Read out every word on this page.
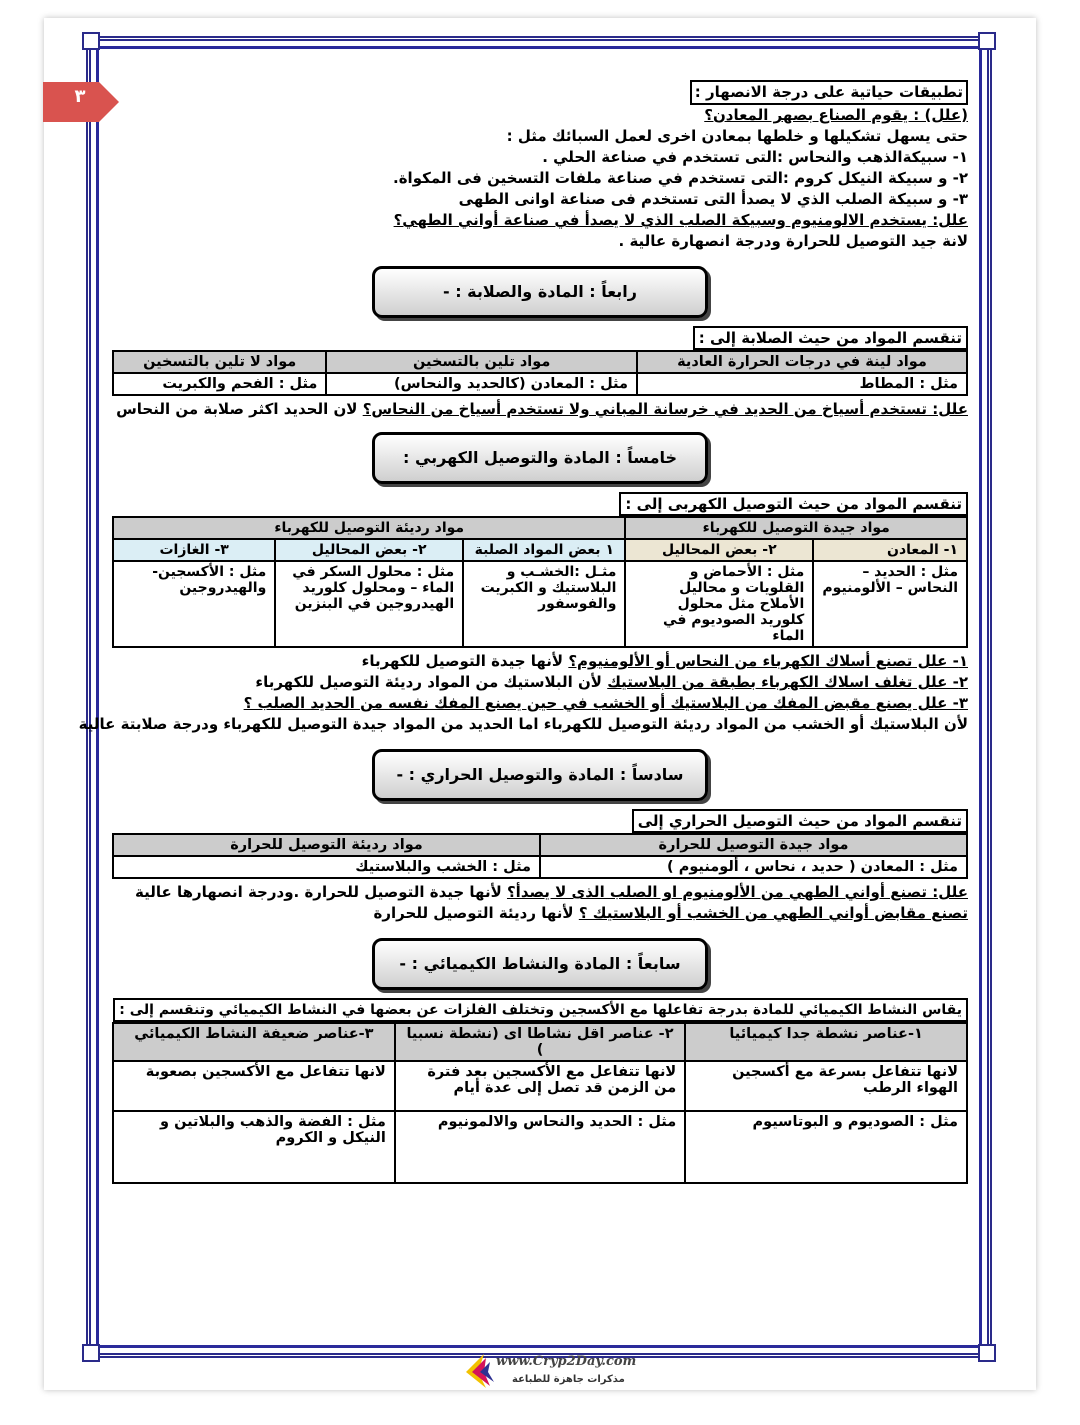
٣	تطبيقات حياتية على درجة الانصهار :
(علل) : يقوم الصناع بصهر المعادن؟
حتى يسهل تشكيلها و خلطها بمعادن اخرى لعمل السبائك مثل :
١- سبيكةالذهب والنحاس :التى تستخدم في صناعة الحلي .
٢- و سبيكة النيكل كروم :التى تستخدم في صناعة ملفات التسخين فى المكواة.
٣- و سبيكة الصلب الذي لا يصدأ التى تستخدم فى صناعة اوانى الطهى
علل: يستخدم الالومنيوم وسبيكة الصلب الذي لا يصدأ في صناعة أواني الطهي؟
لانة جيد التوصيل للحرارة ودرجة انصهارة عالية .
رابعاً : المادة والصلابة : -
تنقسم المواد من حيث الصلابة إلى :
مواد لينة في درجات الحرارة العادية	مواد تلين بالتسخين	مواد لا تلين بالتسخين
مثل : المطاط	مثل : المعادن (كالحديد والنحاس)	مثل : الفحم والكبريت
علل: تستخدم أسياخ من الحديد في خرسانة المباني ولا تستخدم أسياخ من النحاس؟ لان الحديد اكثر صلابة من النحاس
خامساً : المادة والتوصيل الكهربي :
تنقسم المواد من حيث التوصيل الكهربى إلى :
مواد جيدة التوصيل للكهرباء		مواد رديئة التوصيل للكهرباء		
١- المعادن	٢- بعض المحاليل	١ بعض المواد الصلبة	٢- بعض المحاليل	٣- الغازات
مثل : الحديد – النحاس – الألومنيوم	مثل : الأحماض و القلويات و محاليل الأملاح مثل محلول كلوريد الصوديوم في الماء	مثـل :الخشـب و البلاستيك و الكبريت والفوسفور	مثل : محلول السكر في الماء – ومحلول كلوريد الهيدروجين في البنزين	مثل : الأكسجين- والهيدروجين
١- علل تصنع أسلاك الكهرباء من النحاس أو الألومنيوم؟ لأنها جيدة التوصيل للكهرباء
٢- علل تغلف اسلاك الكهرباء بطبقة من البلاستيك لأن البلاستيك من المواد رديئة التوصيل للكهرباء
٣- علل يصنع مقبض المفك من البلاستيك أو الخشب في حين يصنع المفك نفسه من الحديد الصلب ؟
لأن البلاستيك أو الخشب من المواد رديئة التوصيل للكهرباء اما الحديد من المواد جيدة التوصيل للكهرباء ودرجة صلابتة عالية
سادساً : المادة والتوصيل الحراري : -
تنقسم المواد من حيث التوصيل الحراري إلى
مواد جيدة التوصيل للحرارة	مواد رديئة التوصيل للحرارة
مثل : المعادن ( حديد ، نحاس ، ألومنيوم )	مثل : الخشب والبلاستيك
علل: تصنع أواني الطهي من الألومنيوم او الصلب الذى لا يصدأ؟ لأنها جيدة التوصيل للحرارة .ودرجة انصهارها عالية
تصنع مقابض أواني الطهي من الخشب أو البلاستيك ؟ لأنها رديئة التوصيل للحرارة
سابعاً : المادة والنشاط الكيميائي : -
يقاس النشاط الكيميائي للمادة بدرجة تفاعلها مع الأكسجين وتختلف الفلزات عن بعضها في النشاط الكيميائي وتنقسم إلى :
١-عناصر نشطة جدا كيميائيا	٢- عناصر اقل نشاطا اى (نشطة نسبيا )	٣-عناصر ضعيفة النشاط الكيميائي
لانها تتفاعل بسرعة مع أكسجين الهواء الرطب	لانها تتفاعل مع الأكسجين بعد فترة من الزمن قد تصل إلى عدة أيام	لانها تتفاعل مع الأكسجين بصعوبة
مثل : الصوديوم و البوتاسيوم	مثل : الحديد والنحاس والالمونيوم	مثل : الفضة والذهب والبلاتين و النيكل و الكروم
www.Cryp2Day.com
مذكرات جاهزة للطباعة
